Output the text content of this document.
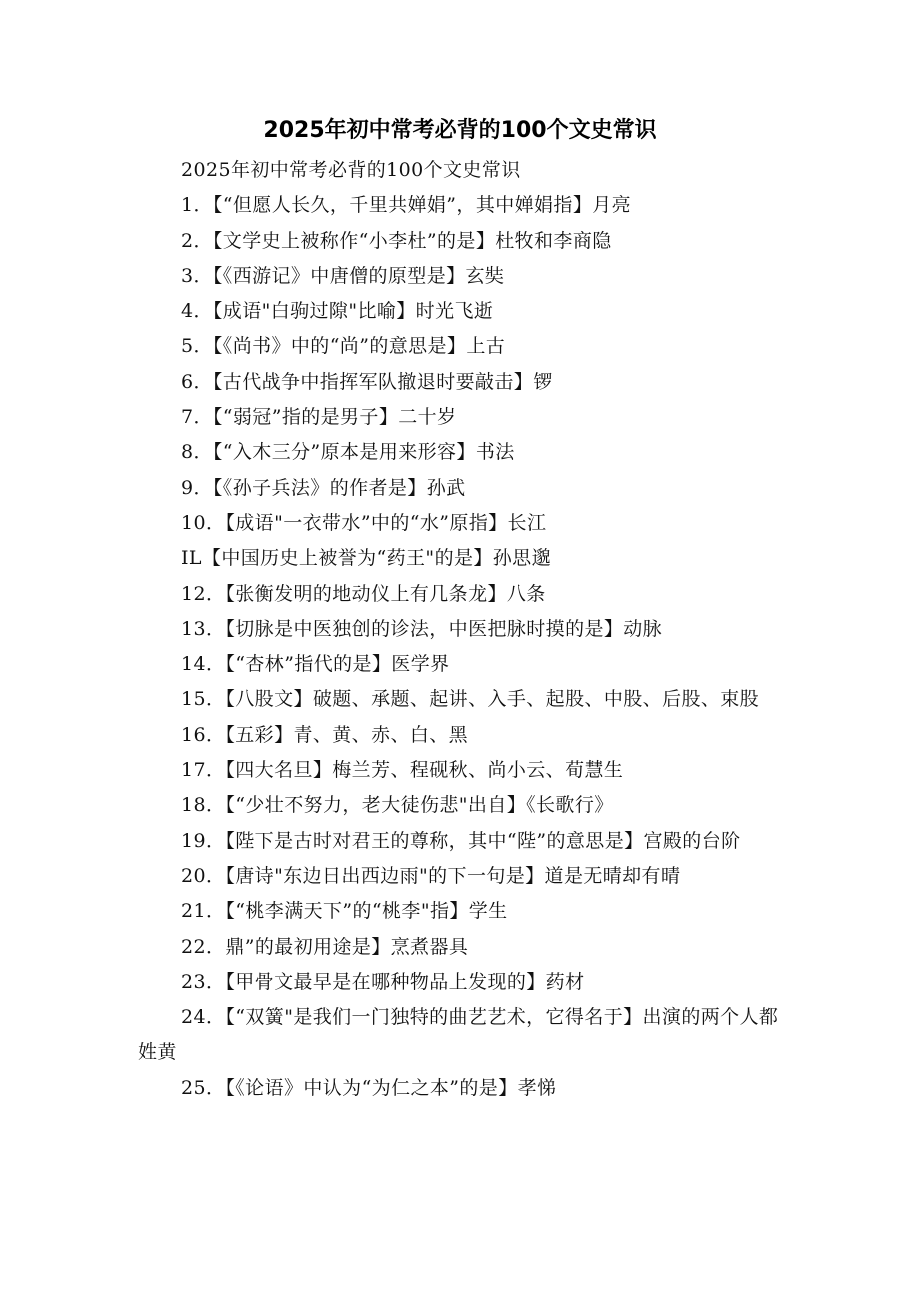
2025年初中常考必背的100个文史常识

2025年初中常考必背的100个文史常识

1．【“但愿人长久，千里共婵娟”，其中婵娟指】月亮

2．【文学史上被称作“小李杜”的是】杜牧和李商隐

3．【《西游记》中唐僧的原型是】玄奘

4．【成语"白驹过隙"比喻】时光飞逝

5．【《尚书》中的“尚”的意思是】上古

6．【古代战争中指挥军队撤退时要敲击】锣

7．【“弱冠”指的是男子】二十岁

8．【“入木三分”原本是用来形容】书法

9．【《孙子兵法》的作者是】孙武

10．【成语"一衣带水”中的“水”原指】长江

IL【中国历史上被誉为“药王"的是】孙思邈

12．【张衡发明的地动仪上有几条龙】八条

13．【切脉是中医独创的诊法，中医把脉时摸的是】动脉

14．【“杏林”指代的是】医学界

15．【八股文】破题、承题、起讲、入手、起股、中股、后股、束股

16．【五彩】青、黄、赤、白、黑

17．【四大名旦】梅兰芳、程砚秋、尚小云、荀慧生

18．【“少壮不努力，老大徒伤悲"出自】《长歌行》

19．【陛下是古时对君王的尊称，其中“陛”的意思是】宫殿的台阶

20．【唐诗"东边日出西边雨"的下一句是】道是无晴却有晴

21．【“桃李满天下”的“桃李"指】学生

22．鼎”的最初用途是】烹煮器具

23．【甲骨文最早是在哪种物品上发现的】药材

24．【“双簧"是我们一门独特的曲艺艺术，它得名于】出演的两个人都姓黄

25．【《论语》中认为“为仁之本”的是】孝悌
